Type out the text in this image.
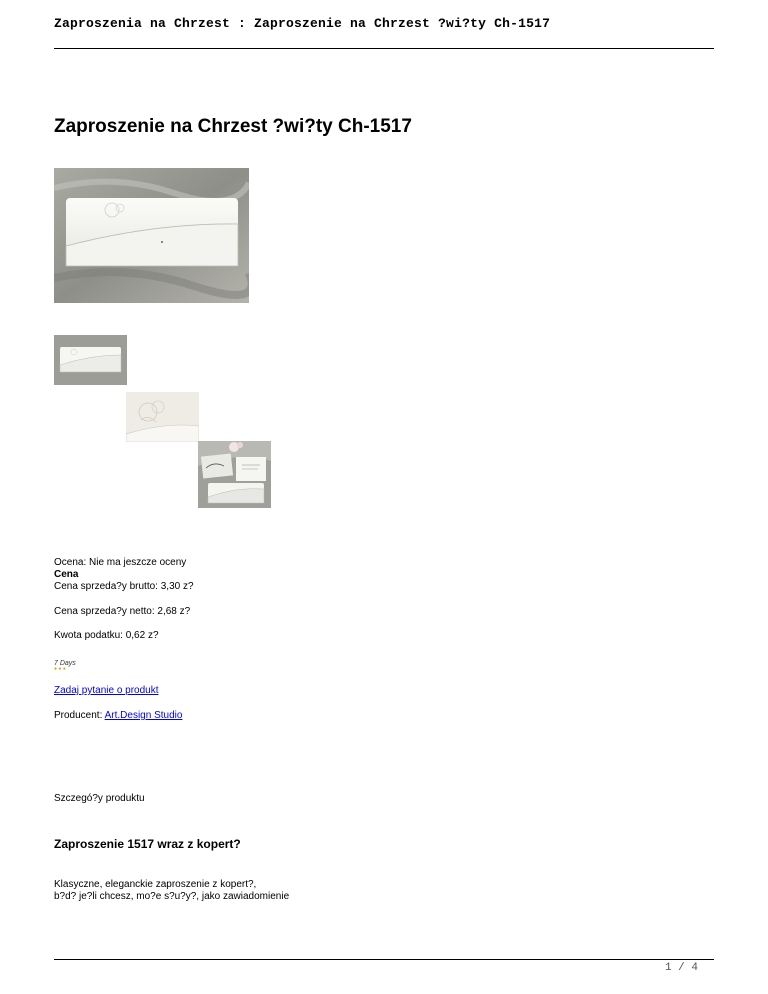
Zaproszenia na Chrzest : Zaproszenie na Chrzest ?wi?ty Ch-1517
Zaproszenie na Chrzest ?wi?ty Ch-1517
Ocena: Nie ma jeszcze oceny
Cena
Cena sprzeda?y brutto: 3,30 z?
Cena sprzeda?y netto: 2,68 z?
Kwota podatku: 0,62 z?
7 Days
● ● ●
Zadaj pytanie o produkt
Producent: Art.Design Studio
Szczegó?y produktu
Zaproszenie 1517 wraz z kopert?
Klasyczne, eleganckie zaproszenie z kopert?,
b?d? je?li chcesz, mo?e s?u?y?, jako zawiadomienie
1 / 4
